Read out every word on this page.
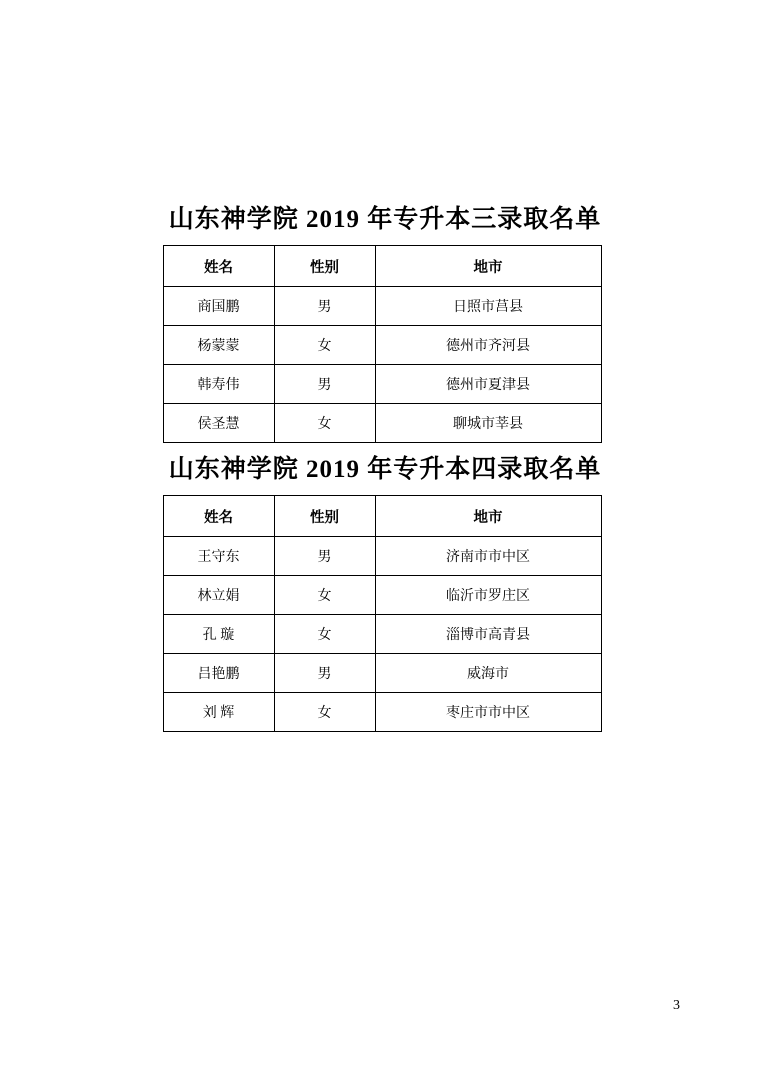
山东神学院 2019 年专升本三录取名单
姓名	性别	地市
商国鹏	男	日照市莒县
杨蒙蒙	女	德州市齐河县
韩寿伟	男	德州市夏津县
侯圣慧	女	聊城市莘县
山东神学院 2019 年专升本四录取名单
姓名	性别	地市
王守东	男	济南市市中区
林立娟	女	临沂市罗庄区
孔 璇	女	淄博市高青县
吕艳鹏	男	威海市
刘 辉	女	枣庄市市中区
3
